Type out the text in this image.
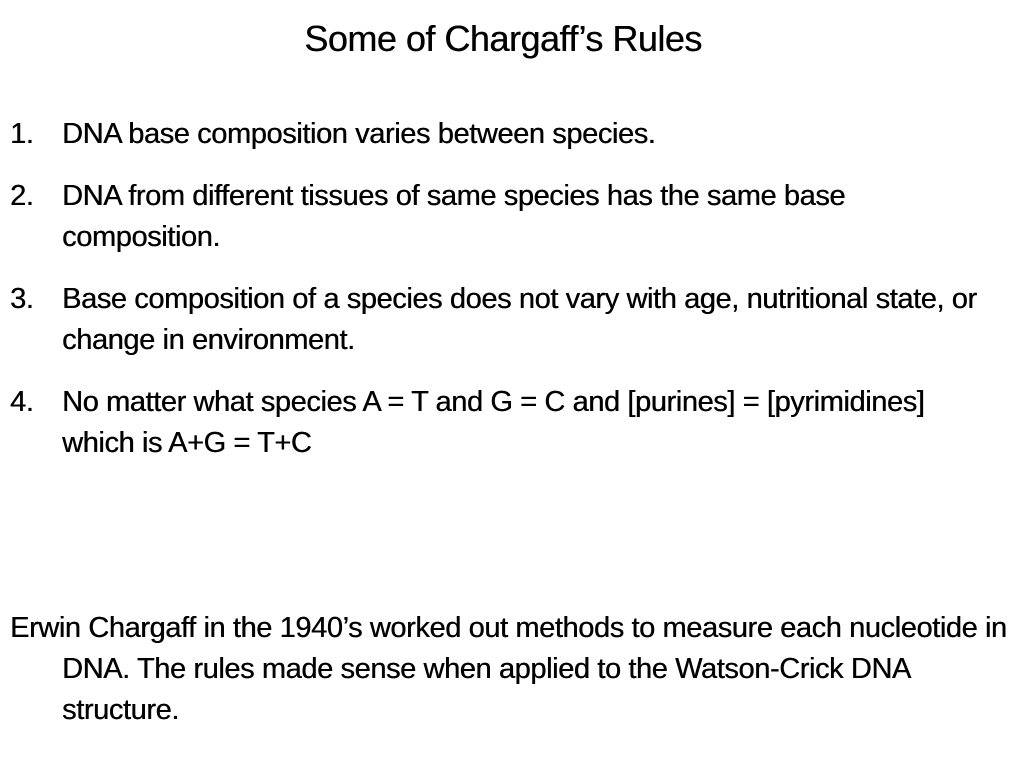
Some of Chargaff’s Rules
1. DNA base composition varies between species.
2. DNA from different tissues of same species has the same base composition.
3. Base composition of a species does not vary with age, nutritional state, or change in environment.
4. No matter what species A = T and G = C and [purines] = [pyrimidines] which is A+G = T+C
Erwin Chargaff in the 1940’s worked out methods to measure each nucleotide in DNA. The rules made sense when applied to the Watson-Crick DNA structure.
